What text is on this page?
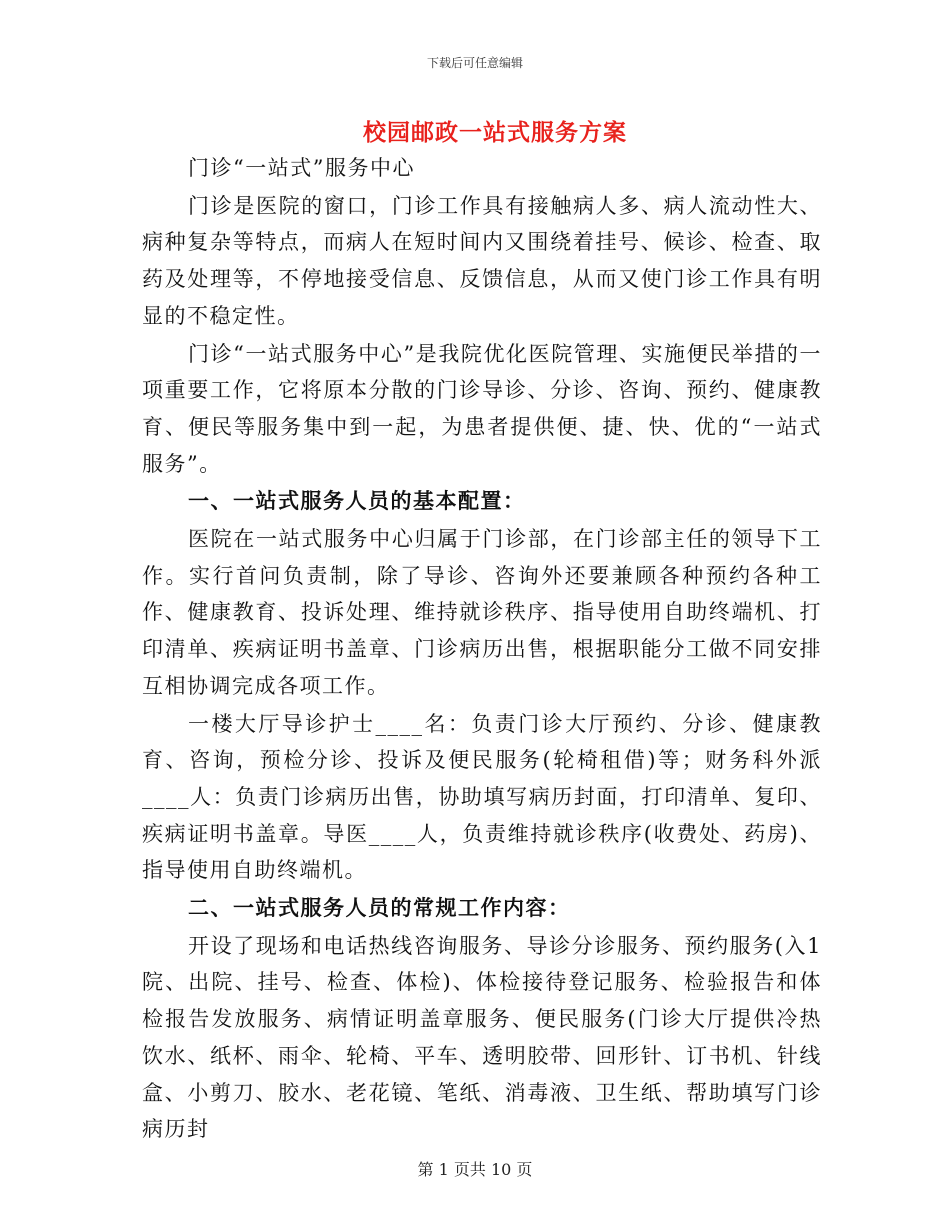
下载后可任意编辑
校园邮政一站式服务方案

门诊“一站式”服务中心

门诊是医院的窗口，门诊工作具有接触病人多、病人流动性大、病种复杂等特点，而病人在短时间内又围绕着挂号、候诊、检查、取药及处理等，不停地接受信息、反馈信息，从而又使门诊工作具有明显的不稳定性。

门诊“一站式服务中心”是我院优化医院管理、实施便民举措的一项重要工作，它将原本分散的门诊导诊、分诊、咨询、预约、健康教育、便民等服务集中到一起，为患者提供便、捷、快、优的“一站式服务”。

一、一站式服务人员的基本配置：

医院在一站式服务中心归属于门诊部，在门诊部主任的领导下工作。实行首问负责制，除了导诊、咨询外还要兼顾各种预约各种工作、健康教育、投诉处理、维持就诊秩序、指导使用自助终端机、打印清单、疾病证明书盖章、门诊病历出售，根据职能分工做不同安排互相协调完成各项工作。

一楼大厅导诊护士____名：负责门诊大厅预约、分诊、健康教育、咨询，预检分诊、投诉及便民服务(轮椅租借)等；财务科外派____人：负责门诊病历出售，协助填写病历封面，打印清单、复印、疾病证明书盖章。导医____人，负责维持就诊秩序(收费处、药房)、指导使用自助终端机。

二、一站式服务人员的常规工作内容：

开设了现场和电话热线咨询服务、导诊分诊服务、预约服务(入1院、出院、挂号、检查、体检)、体检接待登记服务、检验报告和体检报告发放服务、病情证明盖章服务、便民服务(门诊大厅提供冷热饮水、纸杯、雨伞、轮椅、平车、透明胶带、回形针、订书机、针线盒、小剪刀、胶水、老花镜、笔纸、消毒液、卫生纸、帮助填写门诊病历封

第 1 页共 10 页
